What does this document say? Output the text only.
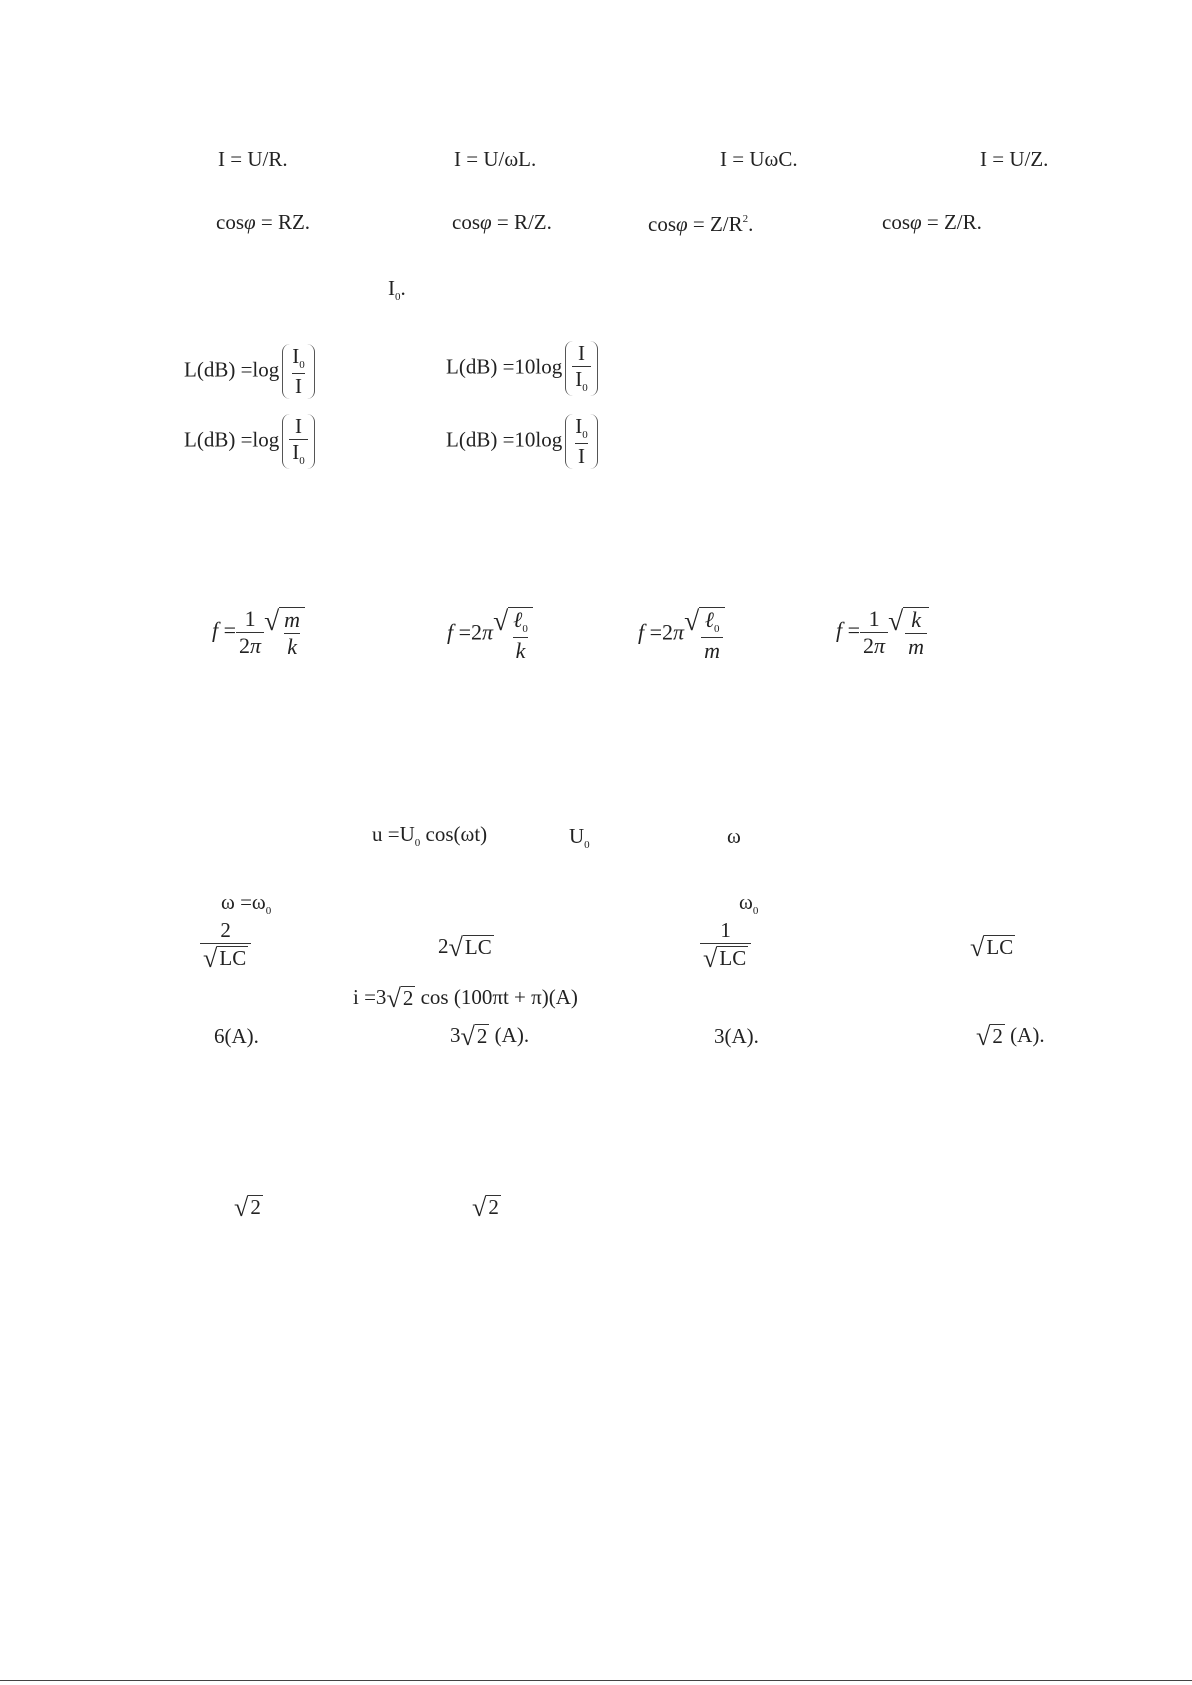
I = U/R.	I = U/ωL.	I = UωC.	I = U/Z.
cosφ = RZ.	cosφ = R/Z.	$\cos\varphi = Z/R^2$.	cosφ = Z/R.
$I_0$.
$L(dB) =\log \frac{I_0}{I}$	$L(dB) =10\log \frac{I}{I_0}$
$L(dB) =\log \frac{I}{I_0}$	$L(dB) =10\log \frac{I_0}{I}$
$f = \frac{1}{2\pi}$ √ $\frac{m}{k}$	f =2π √ $\frac{\ell_0}{k}$	f =2π √ $\frac{\ell_0}{m}$	$f = \frac{1}{2\pi}$ √ $\frac{k}{m}$
$u =U_0$ cos(ωt)	$U_0$	ω
$\omega =\omega_0$	$\omega_0$
$\frac{2}{√ LC}$	2 √ LC	$\frac{1}{√ LC}$	√ LC
i =3 √ 2 cos (100πt + π)(A)
6(A).	3 √ 2 (A).	3(A).	√ 2 (A).
√ 2	√ 2
